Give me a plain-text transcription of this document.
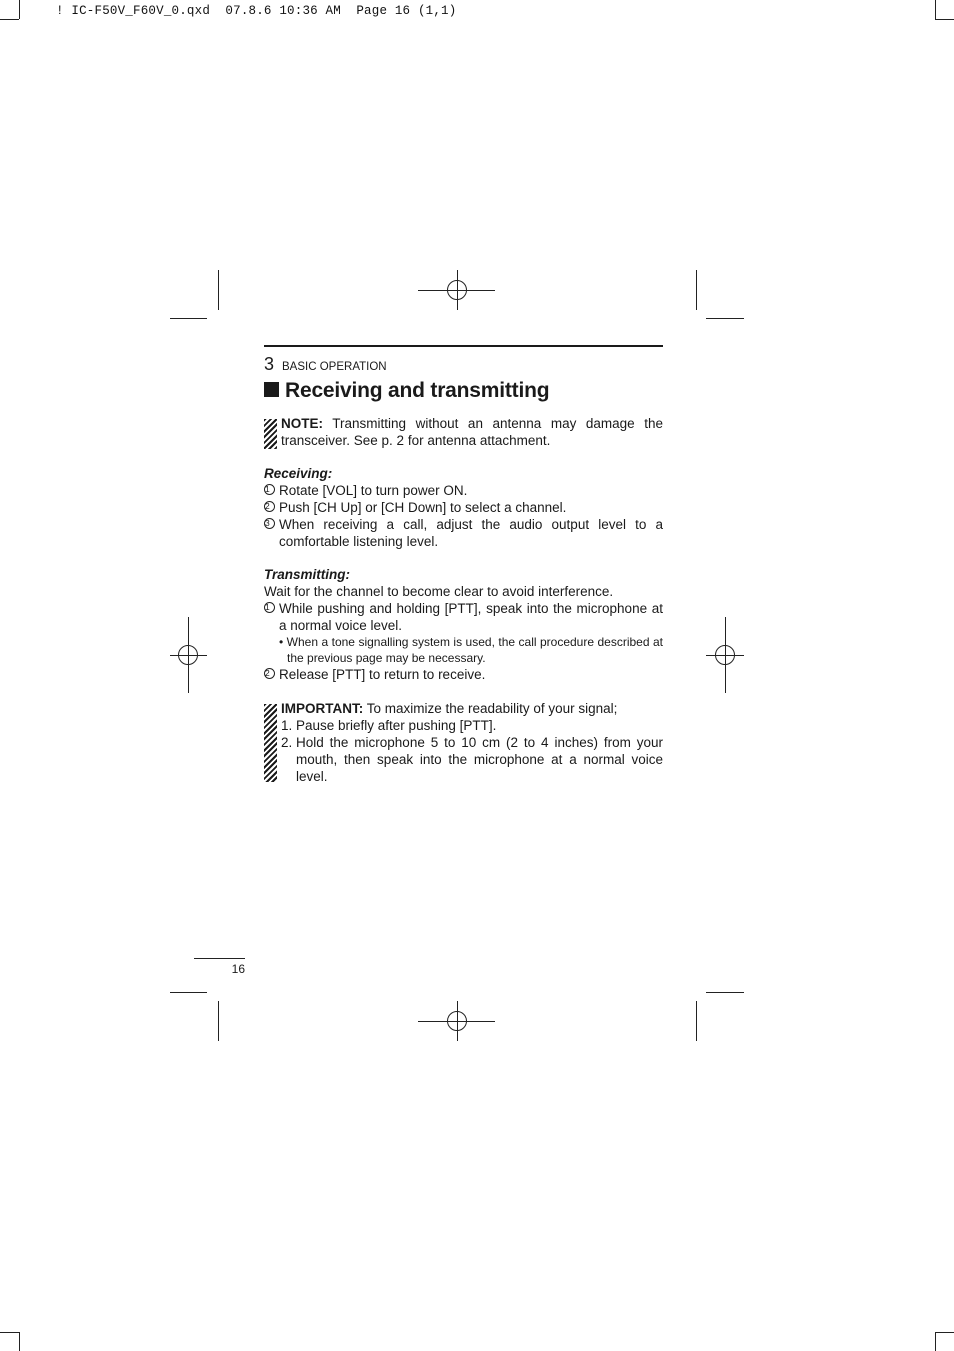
! IC-F50V_F60V_0.qxd  07.8.6 10:36 AM  Page 16 (1,1)
3 BASIC OPERATION
Receiving and transmitting
NOTE: Transmitting without an antenna may damage the transceiver. See p. 2 for antenna attachment.
Receiving:
1 Rotate [VOL] to turn power ON.
2 Push [CH Up] or [CH Down] to select a channel.
3 When receiving a call, adjust the audio output level to a comfortable listening level.
Transmitting:
Wait for the channel to become clear to avoid interference.
1 While pushing and holding [PTT], speak into the microphone at a normal voice level.
• When a tone signalling system is used, the call procedure described at the previous page may be necessary.
2 Release [PTT] to return to receive.
IMPORTANT: To maximize the readability of your signal;
1. Pause briefly after pushing [PTT].
2. Hold the microphone 5 to 10 cm (2 to 4 inches) from your mouth, then speak into the microphone at a normal voice level.
16
